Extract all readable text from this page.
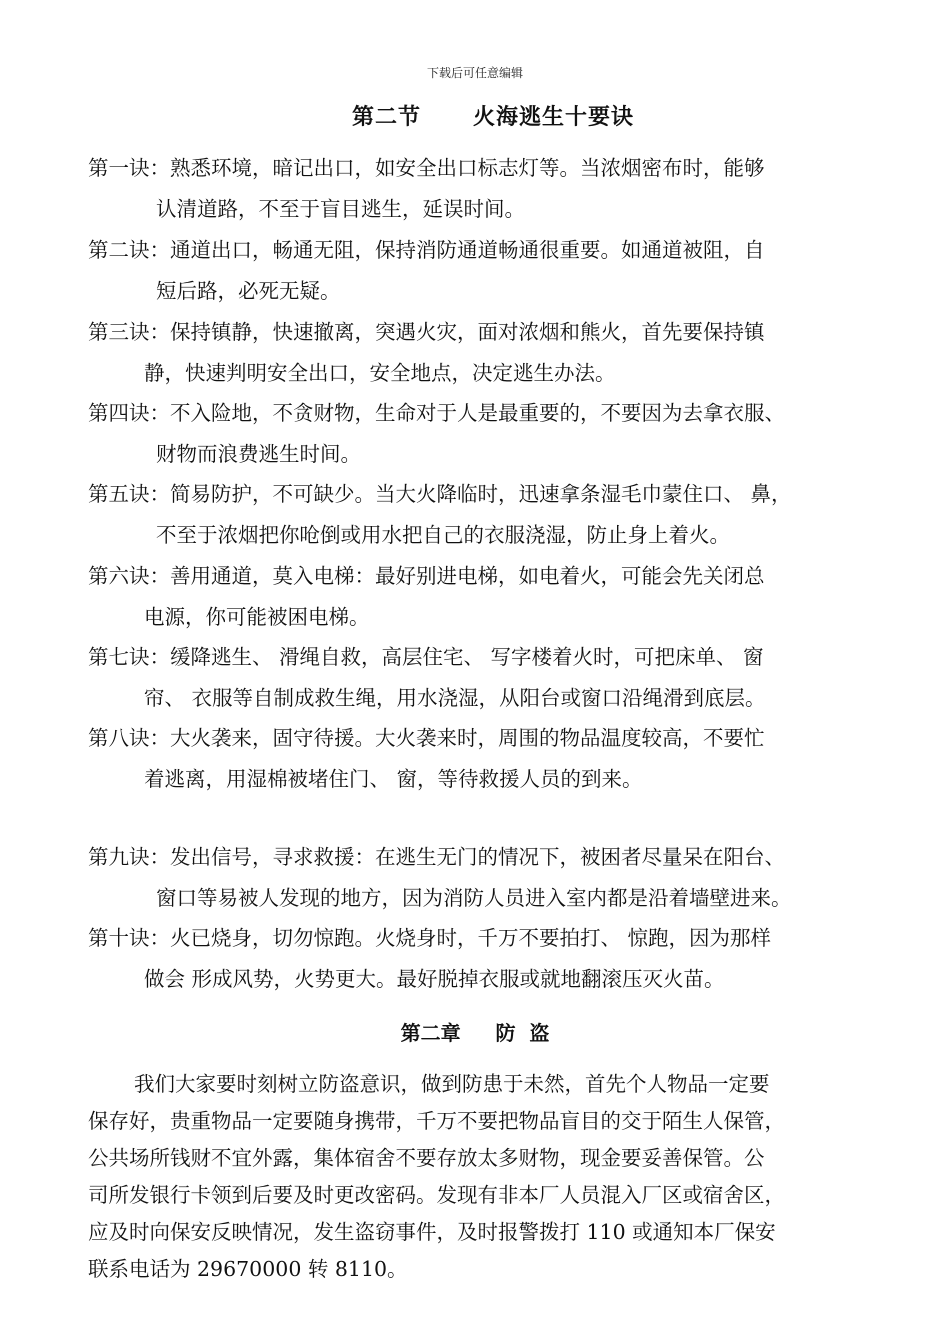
下载后可任意编辑
第二节      火海逃生十要诀
第一诀：熟悉环境，暗记出口，如安全出口标志灯等。当浓烟密布时，能够
认清道路，不至于盲目逃生，延误时间。
第二诀：通道出口，畅通无阻，保持消防通道畅通很重要。如通道被阻，自
短后路，必死无疑。
第三诀：保持镇静，快速撤离，突遇火灾，面对浓烟和熊火，首先要保持镇
静，快速判明安全出口，安全地点，决定逃生办法。
第四诀：不入险地，不贪财物，生命对于人是最重要的，不要因为去拿衣服、
财物而浪费逃生时间。
第五诀：简易防护，不可缺少。当大火降临时，迅速拿条湿毛巾蒙住口、 鼻，
不至于浓烟把你呛倒或用水把自己的衣服浇湿，防止身上着火。
第六诀：善用通道，莫入电梯：最好别进电梯，如电着火，可能会先关闭总
电源，你可能被困电梯。
第七诀：缓降逃生、 滑绳自救，高层住宅、 写字楼着火时，可把床单、 窗
帘、 衣服等自制成救生绳，用水浇湿，从阳台或窗口沿绳滑到底层。
第八诀：大火袭来，固守待援。大火袭来时，周围的物品温度较高，不要忙
着逃离，用湿棉被堵住门、 窗，等待救援人员的到来。
第九诀：发出信号，寻求救援：在逃生无门的情况下，被困者尽量呆在阳台、
窗口等易被人发现的地方，因为消防人员进入室内都是沿着墙壁进来。
第十诀：火已烧身，切勿惊跑。火烧身时，千万不要拍打、 惊跑，因为那样
做会 形成风势，火势更大。最好脱掉衣服或就地翻滚压灭火苗。
第二章     防  盗
我们大家要时刻树立防盗意识，做到防患于未然，首先个人物品一定要
保存好，贵重物品一定要随身携带，千万不要把物品盲目的交于陌生人保管，
公共场所钱财不宜外露，集体宿舍不要存放太多财物，现金要妥善保管。公
司所发银行卡领到后要及时更改密码。发现有非本厂人员混入厂区或宿舍区，
应及时向保安反映情况，发生盗窃事件，及时报警拨打 110 或通知本厂保安
联系电话为 29670000 转 8110。
